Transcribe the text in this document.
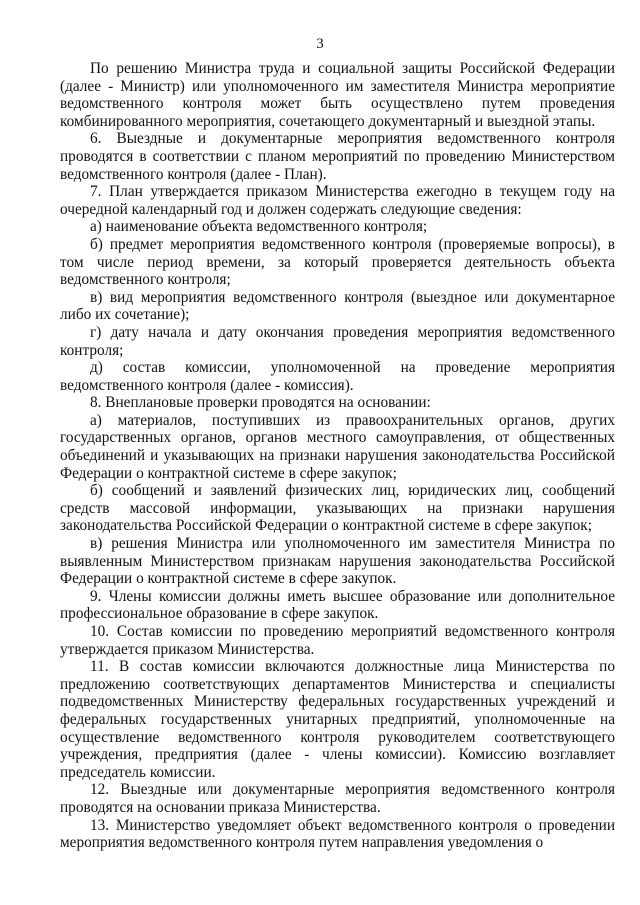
3

По решению Министра труда и социальной защиты Российской Федерации (далее - Министр) или уполномоченного им заместителя Министра мероприятие ведомственного контроля может быть осуществлено путем проведения комбинированного мероприятия, сочетающего документарный и выездной этапы.

6. Выездные и документарные мероприятия ведомственного контроля проводятся в соответствии с планом мероприятий по проведению Министерством ведомственного контроля (далее - План).

7. План утверждается приказом Министерства ежегодно в текущем году на очередной календарный год и должен содержать следующие сведения:

а) наименование объекта ведомственного контроля;

б) предмет мероприятия ведомственного контроля (проверяемые вопросы), в том числе период времени, за который проверяется деятельность объекта ведомственного контроля;

в) вид мероприятия ведомственного контроля (выездное или документарное либо их сочетание);

г) дату начала и дату окончания проведения мероприятия ведомственного контроля;

д) состав комиссии, уполномоченной на проведение мероприятия ведомственного контроля (далее - комиссия).

8. Внеплановые проверки проводятся на основании:

а) материалов, поступивших из правоохранительных органов, других государственных органов, органов местного самоуправления, от общественных объединений и указывающих на признаки нарушения законодательства Российской Федерации о контрактной системе в сфере закупок;

б) сообщений и заявлений физических лиц, юридических лиц, сообщений средств массовой информации, указывающих на признаки нарушения законодательства Российской Федерации о контрактной системе в сфере закупок;

в) решения Министра или уполномоченного им заместителя Министра по выявленным Министерством признакам нарушения законодательства Российской Федерации о контрактной системе в сфере закупок.

9. Члены комиссии должны иметь высшее образование или дополнительное профессиональное образование в сфере закупок.

10. Состав комиссии по проведению мероприятий ведомственного контроля утверждается приказом Министерства.

11. В состав комиссии включаются должностные лица Министерства по предложению соответствующих департаментов Министерства и специалисты подведомственных Министерству федеральных государственных учреждений и федеральных государственных унитарных предприятий, уполномоченные на осуществление ведомственного контроля руководителем соответствующего учреждения, предприятия (далее - члены комиссии). Комиссию возглавляет председатель комиссии.

12. Выездные или документарные мероприятия ведомственного контроля проводятся на основании приказа Министерства.

13. Министерство уведомляет объект ведомственного контроля о проведении мероприятия ведомственного контроля путем направления уведомления о
